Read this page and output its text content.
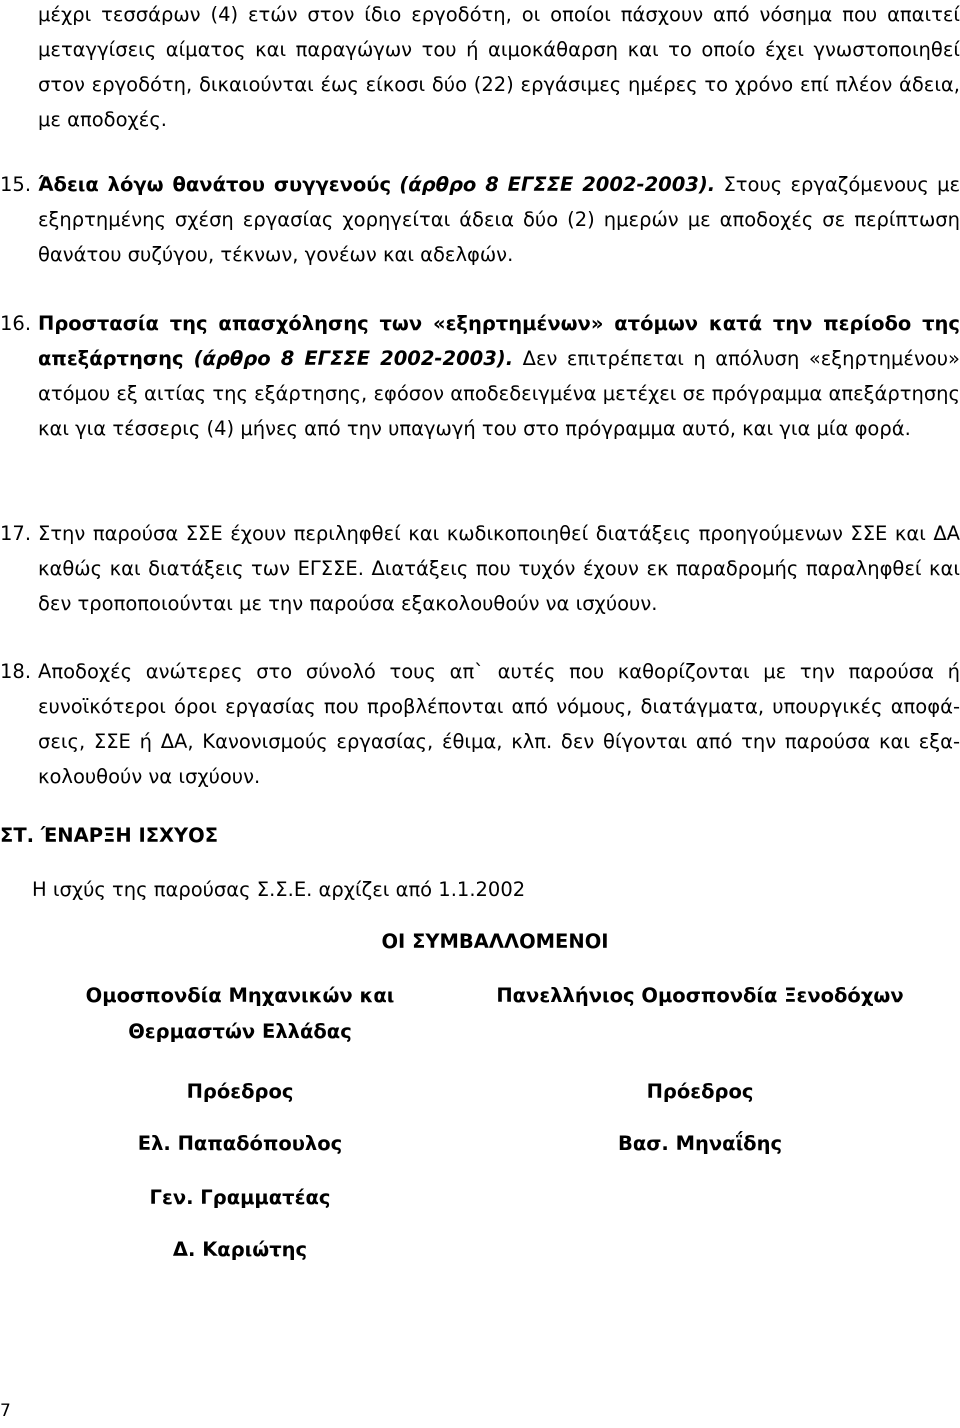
μέχρι τεσσάρων (4) ετών στον ίδιο εργοδότη, οι οποίοι πάσχουν από νόσημα που απαιτεί μεταγγίσεις αίματος και παραγώγων του ή αιμοκάθαρση και το οποίο έχει γνωστοποιηθεί στον εργοδότη, δικαιούνται έως είκοσι δύο (22) εργάσιμες ημέρες το χρόνο επί πλέον άδεια, με αποδοχές.

15. Άδεια λόγω θανάτου συγγενούς (άρθρο 8 ΕΓΣΣΕ 2002-2003). Στους εργαζόμενους με εξηρτημένης σχέση εργασίας χορηγείται άδεια δύο (2) ημερών με αποδοχές σε περίπτωση θανάτου συζύγου, τέκνων, γονέων και αδελφών.

16. Προστασία της απασχόλησης των «εξηρτημένων» ατόμων κατά την περίοδο της απεξάρτησης (άρθρο 8 ΕΓΣΣΕ 2002-2003). Δεν επιτρέπεται η απόλυση «εξηρτημένου» ατόμου εξ αιτίας της εξάρτησης, εφόσον αποδεδειγμένα μετέχει σε πρόγραμμα απεξάρτησης και για τέσσερις (4) μήνες από την υπαγωγή του στο πρόγραμμα αυτό, και για μία φορά.

17. Στην παρούσα ΣΣΕ έχουν περιληφθεί και κωδικοποιηθεί διατάξεις προηγούμενων ΣΣΕ και ΔΑ καθώς και διατάξεις των ΕΓΣΣΕ. Διατάξεις που τυχόν έχουν εκ παραδρομής παραληφθεί και δεν τροποποιούνται με την παρούσα εξακολουθούν να ισχύουν.

18. Αποδοχές ανώτερες στο σύνολό τους απ` αυτές που καθορίζονται με την παρούσα ή ευνοϊκότεροι όροι εργασίας που προβλέπονται από νόμους, διατάγματα, υπουργικές αποφά-σεις, ΣΣΕ ή ΔΑ, Κανονισμούς εργασίας, έθιμα, κλπ. δεν θίγονται από την παρούσα και εξα-κολουθούν να ισχύουν.

ΣΤ. ΈΝΑΡΞΗ ΙΣΧΥΟΣ
Η ισχύς της παρούσας Σ.Σ.Ε. αρχίζει από 1.1.2002
ΟΙ ΣΥΜΒΑΛΛΟΜΕΝΟΙ
Ομοσπονδία Μηχανικών και
Θερμαστών Ελλάδας
Πρόεδρος
Ελ. Παπαδόπουλος
Γεν. Γραμματέας
Δ. Καριώτης
Πανελλήνιος Ομοσπονδία Ξενοδόχων
Πρόεδρος
Βασ. Μηναΐδης
7
